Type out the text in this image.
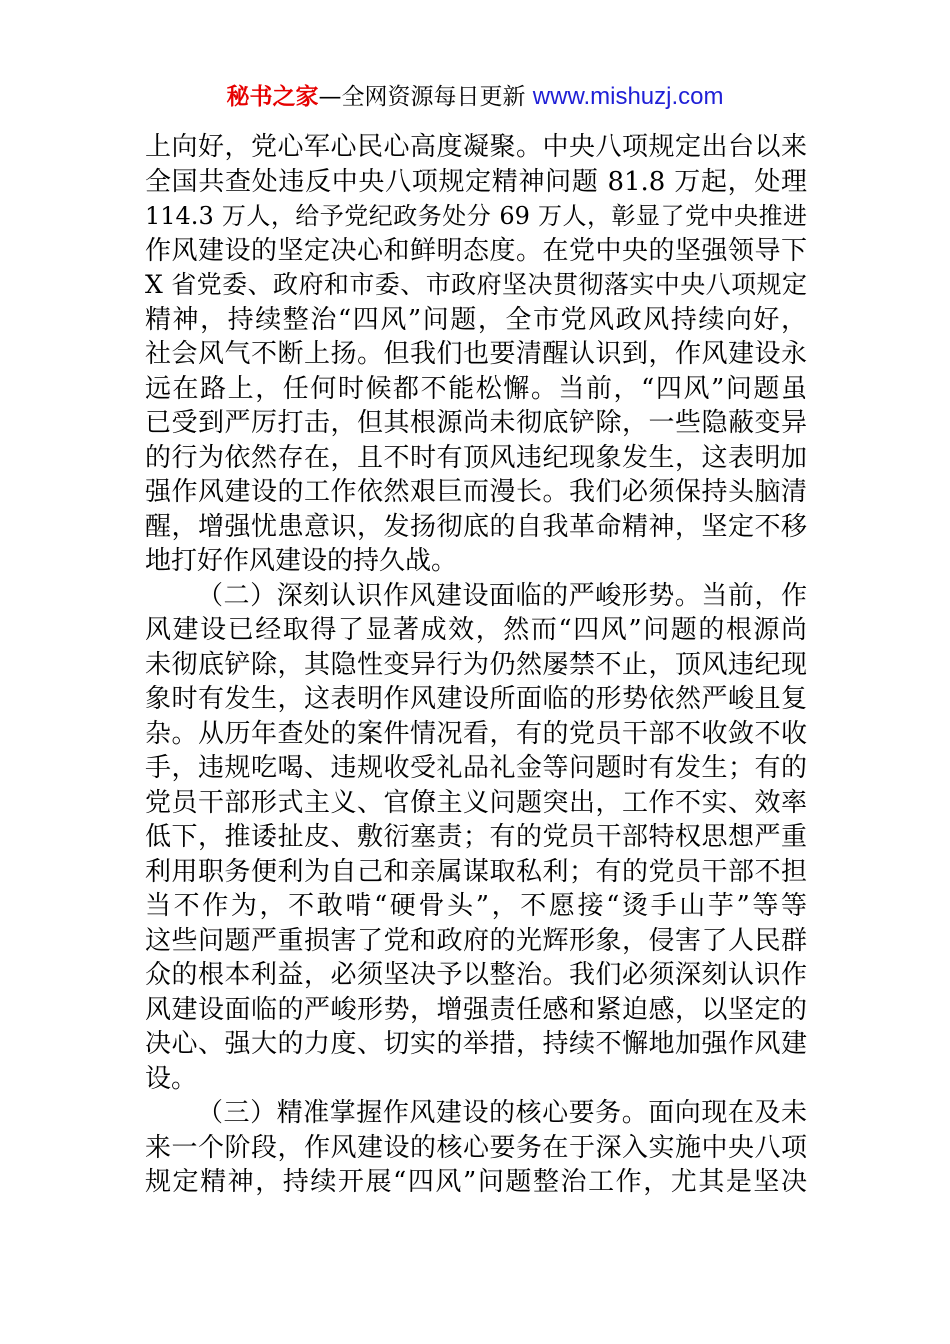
秘书之家—全网资源每日更新 www.mishuzj.com
上向好，党心军心民心高度凝聚。中央八项规定出台以来
全国共查处违反中央八项规定精神问题 81.8 万起，处理
114.3 万人，给予党纪政务处分 69 万人，彰显了党中央推进
作风建设的坚定决心和鲜明态度。在党中央的坚强领导下
X 省党委、政府和市委、市政府坚决贯彻落实中央八项规定
精神，持续整治“四风”问题，全市党风政风持续向好，
社会风气不断上扬。但我们也要清醒认识到，作风建设永
远在路上，任何时候都不能松懈。当前，“四风”问题虽
已受到严厉打击，但其根源尚未彻底铲除，一些隐蔽变异
的行为依然存在，且不时有顶风违纪现象发生，这表明加
强作风建设的工作依然艰巨而漫长。我们必须保持头脑清
醒，增强忧患意识，发扬彻底的自我革命精神，坚定不移
地打好作风建设的持久战。
（二）深刻认识作风建设面临的严峻形势。当前，作
风建设已经取得了显著成效，然而“四风”问题的根源尚
未彻底铲除，其隐性变异行为仍然屡禁不止，顶风违纪现
象时有发生，这表明作风建设所面临的形势依然严峻且复
杂。从历年查处的案件情况看，有的党员干部不收敛不收
手，违规吃喝、违规收受礼品礼金等问题时有发生；有的
党员干部形式主义、官僚主义问题突出，工作不实、效率
低下，推诿扯皮、敷衍塞责；有的党员干部特权思想严重
利用职务便利为自己和亲属谋取私利；有的党员干部不担
当不作为，不敢啃“硬骨头”，不愿接“烫手山芋”等等
这些问题严重损害了党和政府的光辉形象，侵害了人民群
众的根本利益，必须坚决予以整治。我们必须深刻认识作
风建设面临的严峻形势，增强责任感和紧迫感，以坚定的
决心、强大的力度、切实的举措，持续不懈地加强作风建
设。
（三）精准掌握作风建设的核心要务。面向现在及未
来一个阶段，作风建设的核心要务在于深入实施中央八项
规定精神，持续开展“四风”问题整治工作，尤其是坚决
